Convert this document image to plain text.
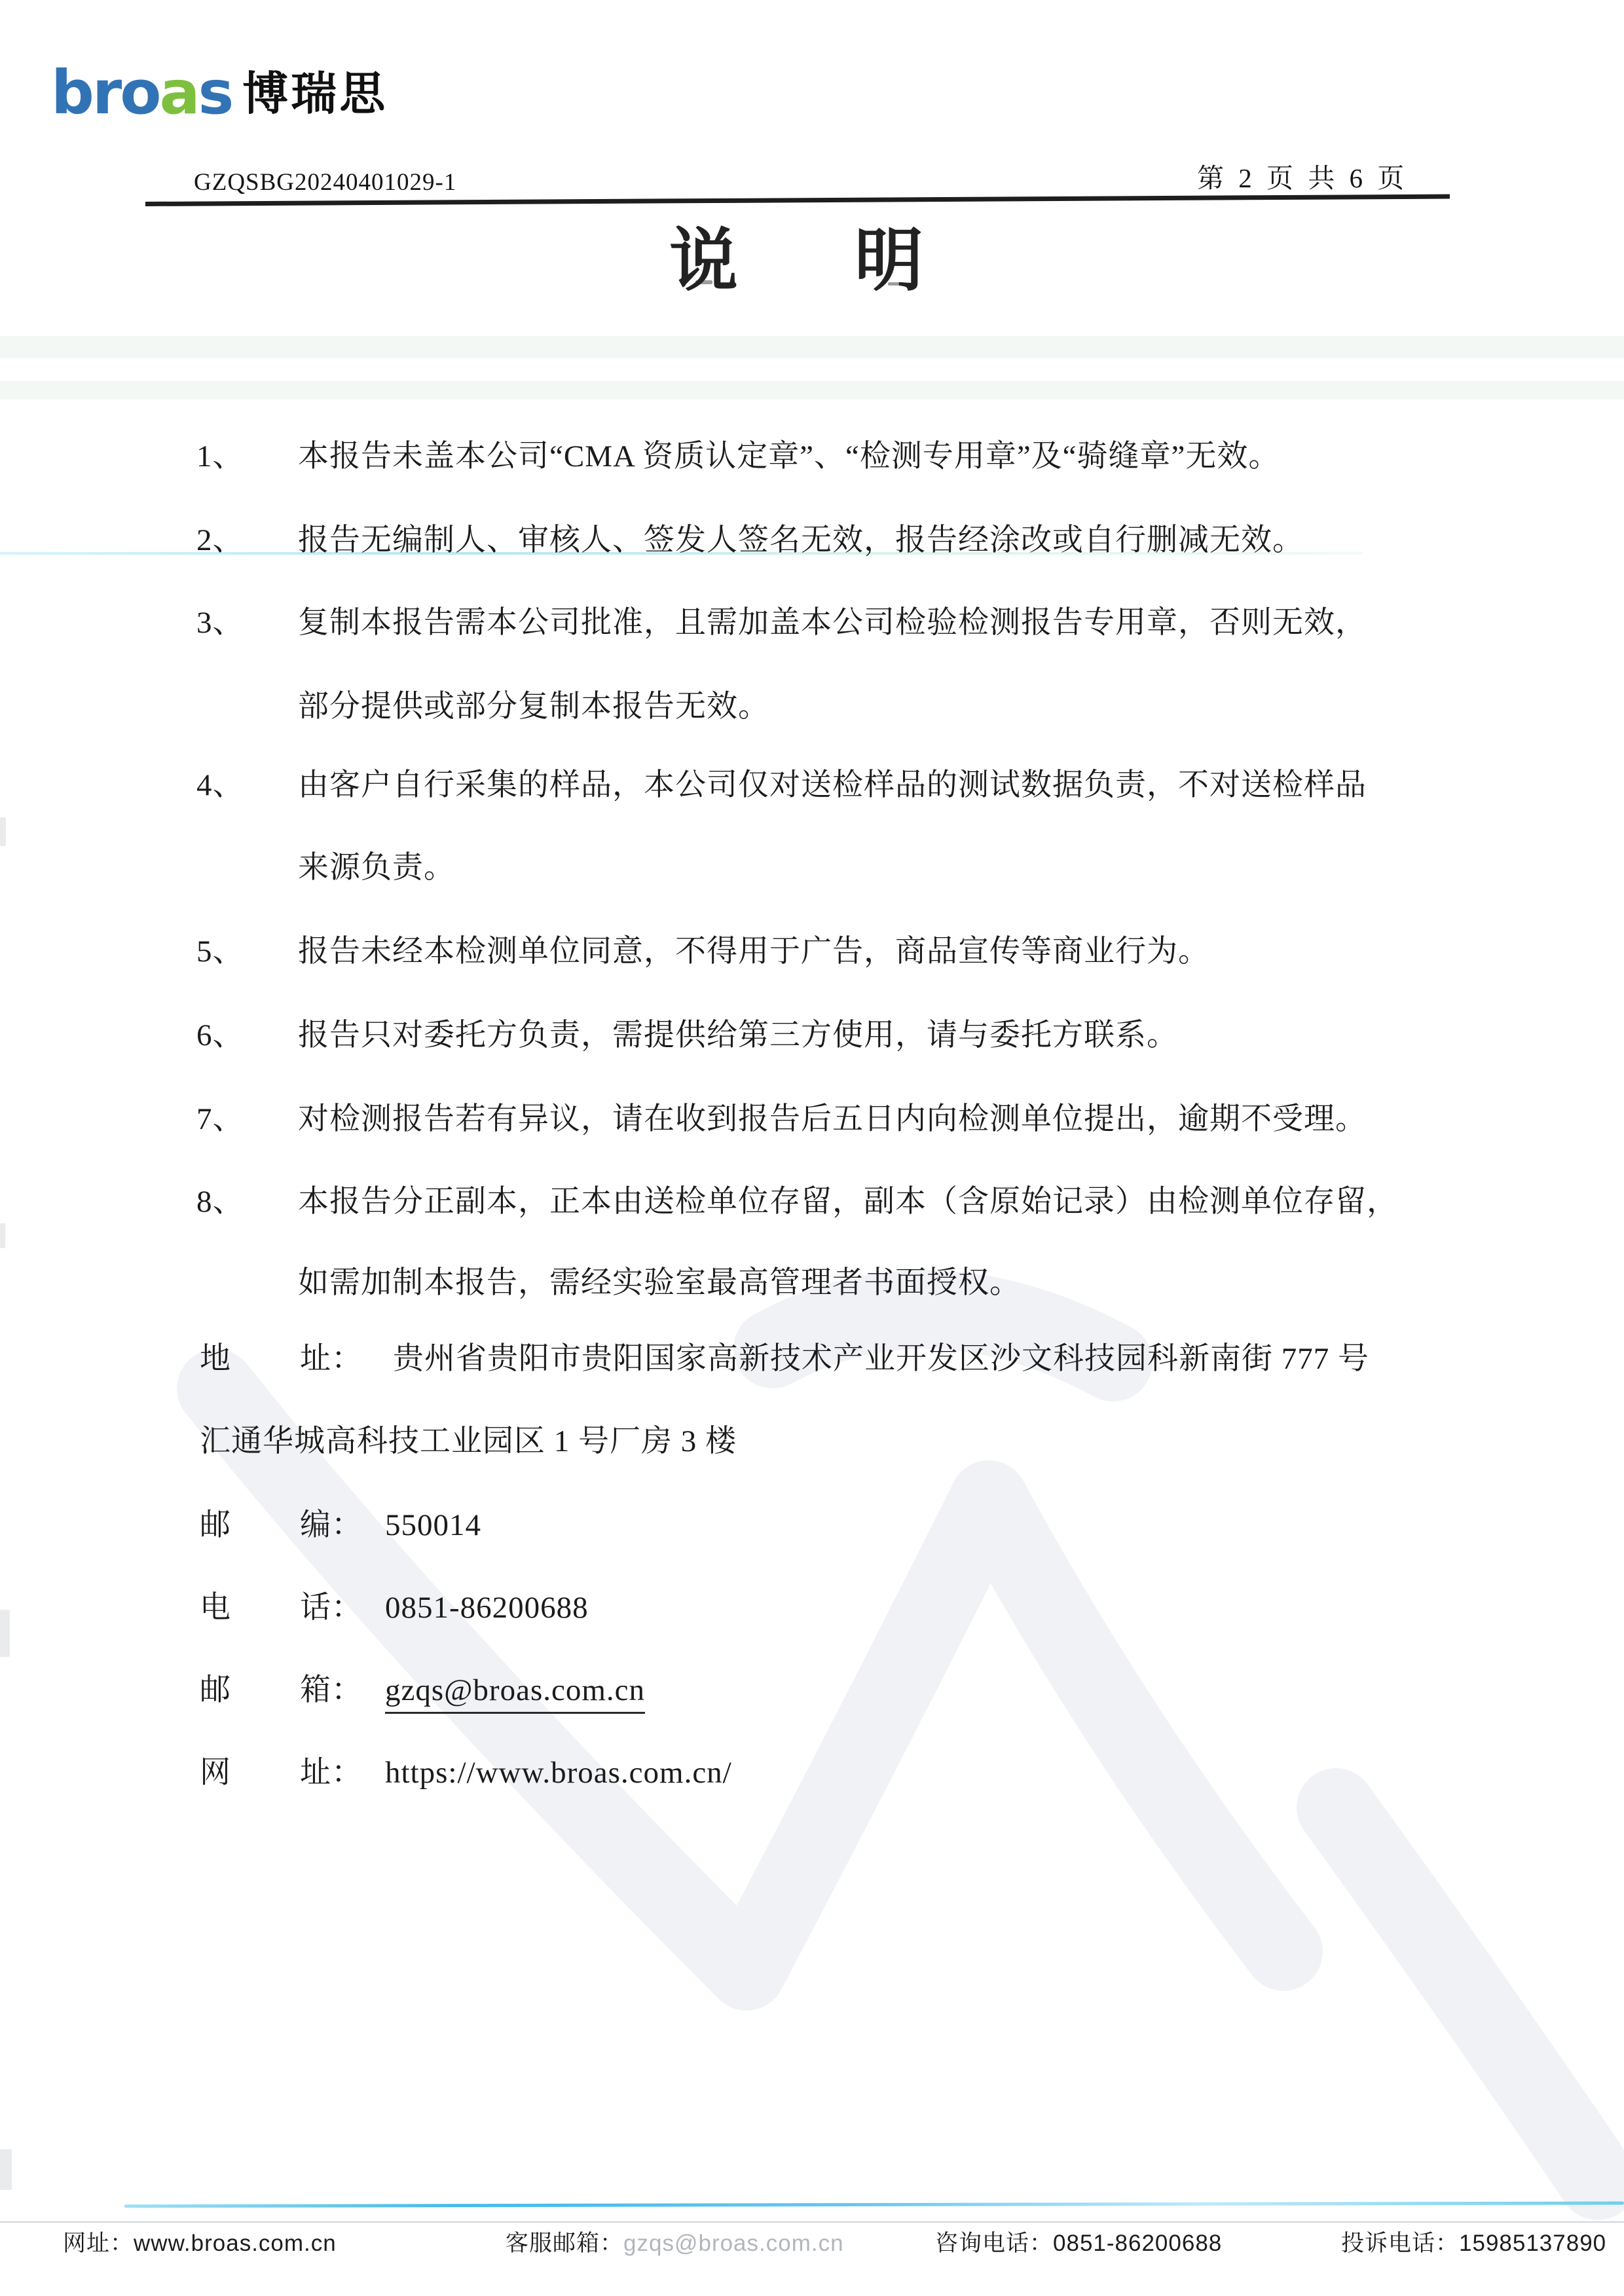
broas 博瑞思
GZQSBG20240401029-1	第 2 页 共 6 页
说明
1、 本报告未盖本公司“CMA 资质认定章”、“检测专用章”及“骑缝章”无效。
2、 报告无编制人、审核人、签发人签名无效，报告经涂改或自行删减无效。
3、 复制本报告需本公司批准，且需加盖本公司检验检测报告专用章，否则无效，
部分提供或部分复制本报告无效。
4、 由客户自行采集的样品，本公司仅对送检样品的测试数据负责，不对送检样品
来源负责。
5、 报告未经本检测单位同意，不得用于广告，商品宣传等商业行为。
6、 报告只对委托方负责，需提供给第三方使用，请与委托方联系。
7、 对检测报告若有异议，请在收到报告后五日内向检测单位提出，逾期不受理。
8、 本报告分正副本，正本由送检单位存留，副本（含原始记录）由检测单位存留，
如需加制本报告，需经实验室最高管理者书面授权。
地 址： 贵州省贵阳市贵阳国家高新技术产业开发区沙文科技园科新南街 777 号
汇通华城高科技工业园区 1 号厂房 3 楼
邮 编： 550014
电 话： 0851-86200688
邮 箱： gzqs@broas.com.cn
网 址： https://www.broas.com.cn/
网址：www.broas.com.cn	客服邮箱：gzqs@broas.com.cn	咨询电话：0851-86200688	投诉电话：15985137890
